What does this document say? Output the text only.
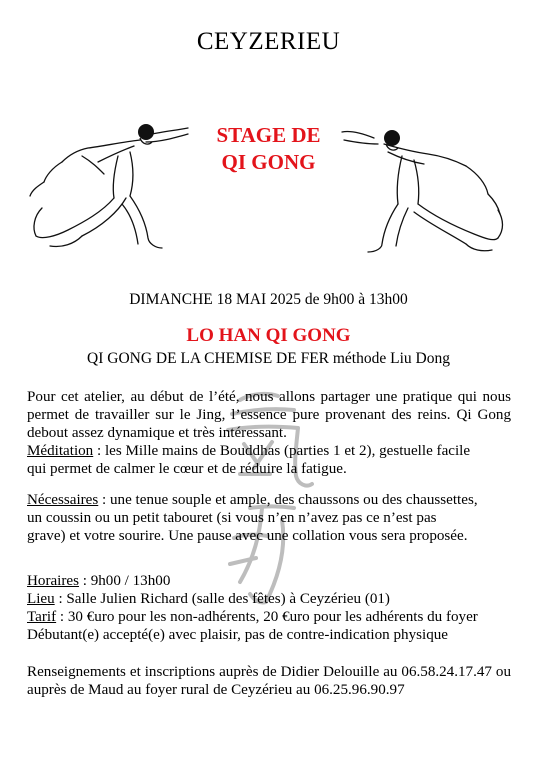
CEYZERIEU
STAGE DE
QI GONG
DIMANCHE 18 MAI 2025 de 9h00 à 13h00
LO HAN QI GONG
QI GONG DE LA CHEMISE DE FER méthode Liu Dong
Pour cet atelier, au début de l’été, nous allons partager une pratique qui nous permet de travailler sur le Jing, l’essence pure provenant des reins. Qi Gong debout assez dynamique et très intéressant.
Méditation : les Mille mains de Bouddhas (parties 1 et 2), gestuelle facile
qui permet de calmer le cœur et de réduire la fatigue.
Nécessaires : une tenue souple et ample, des chaussons ou des chaussettes,
un coussin ou un petit tabouret (si vous n’en n’avez pas ce n’est pas
grave) et votre sourire. Une pause avec une collation vous sera proposée.
Horaires : 9h00 / 13h00
Lieu : Salle Julien Richard (salle des fêtes) à Ceyzérieu (01)
Tarif : 30 €uro pour les non-adhérents, 20 €uro pour les adhérents du foyer
Débutant(e) accepté(e) avec plaisir, pas de contre-indication physique
Renseignements et inscriptions auprès de Didier Delouille au 06.58.24.17.47 ou auprès de Maud au foyer rural de Ceyzérieu au 06.25.96.90.97
